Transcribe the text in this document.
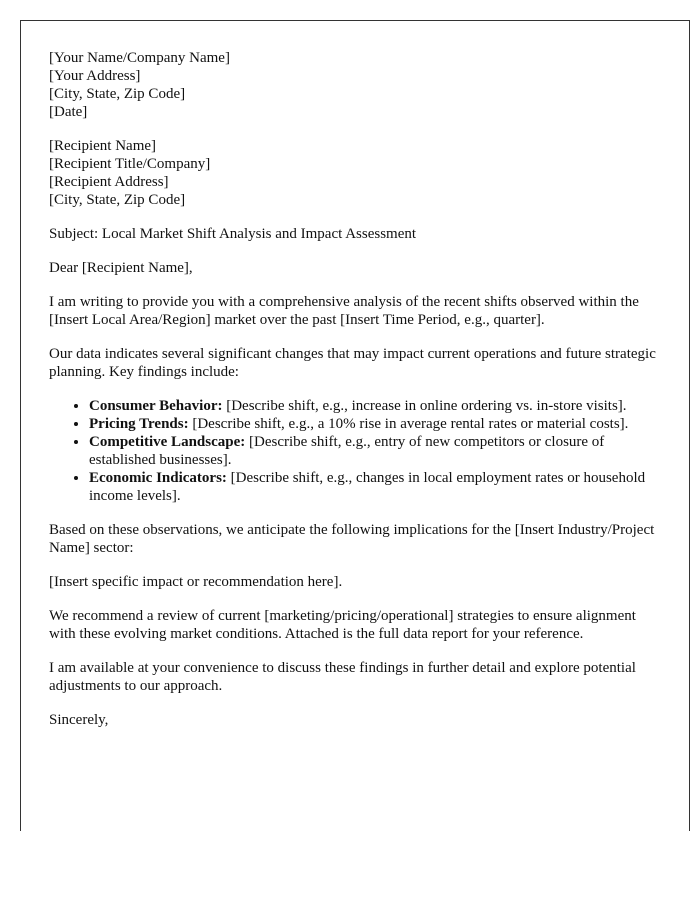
[Your Name/Company Name]
[Your Address]
[City, State, Zip Code]
[Date]
[Recipient Name]
[Recipient Title/Company]
[Recipient Address]
[City, State, Zip Code]

Subject: Local Market Shift Analysis and Impact Assessment

Dear [Recipient Name],

I am writing to provide you with a comprehensive analysis of the recent shifts observed within the [Insert Local Area/Region] market over the past [Insert Time Period, e.g., quarter].

Our data indicates several significant changes that may impact current operations and future strategic planning. Key findings include:

• Consumer Behavior: [Describe shift, e.g., increase in online ordering vs. in-store visits].
• Pricing Trends: [Describe shift, e.g., a 10% rise in average rental rates or material costs].
• Competitive Landscape: [Describe shift, e.g., entry of new competitors or closure of established businesses].
• Economic Indicators: [Describe shift, e.g., changes in local employment rates or household income levels].

Based on these observations, we anticipate the following implications for the [Insert Industry/Project Name] sector:

[Insert specific impact or recommendation here].

We recommend a review of current [marketing/pricing/operational] strategies to ensure alignment with these evolving market conditions. Attached is the full data report for your reference.

I am available at your convenience to discuss these findings in further detail and explore potential adjustments to our approach.

Sincerely,
